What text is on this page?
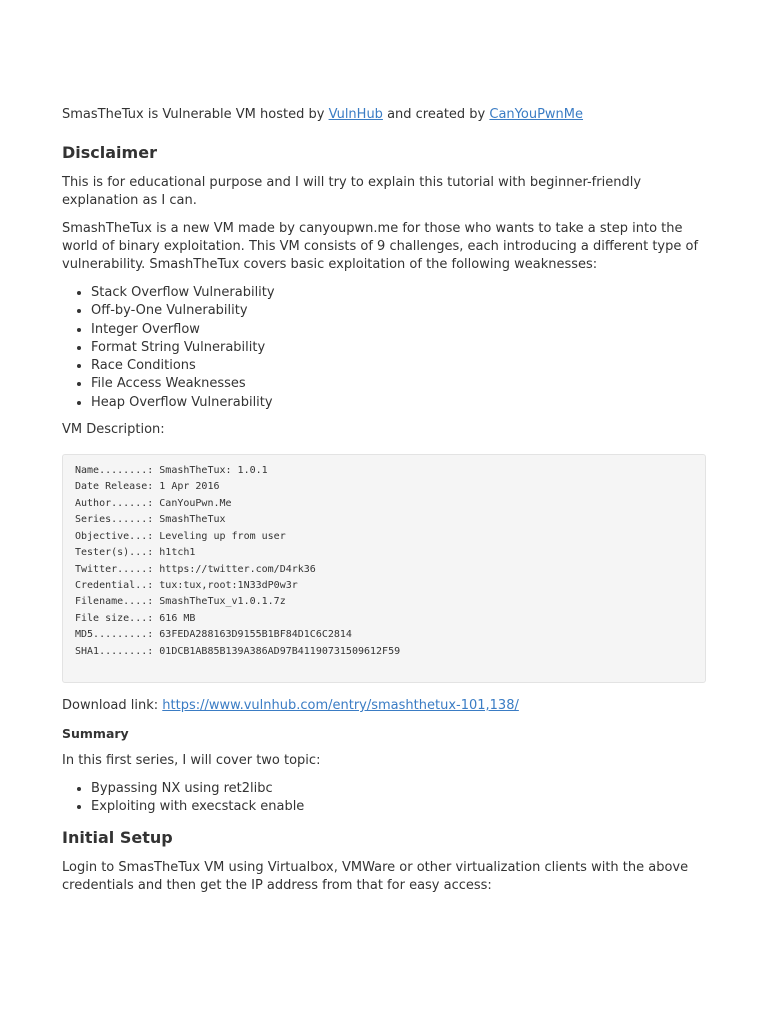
SmasTheTux is Vulnerable VM hosted by VulnHub and created by CanYouPwnMe

Disclaimer

This is for educational purpose and I will try to explain this tutorial with beginner-friendly explanation as I can.

SmashTheTux is a new VM made by canyoupwn.me for those who wants to take a step into the world of binary exploitation. This VM consists of 9 challenges, each introducing a different type of vulnerability. SmashTheTux covers basic exploitation of the following weaknesses:

• Stack Overflow Vulnerability
• Off-by-One Vulnerability
• Integer Overflow
• Format String Vulnerability
• Race Conditions
• File Access Weaknesses
• Heap Overflow Vulnerability

VM Description:

Name........: SmashTheTux: 1.0.1
Date Release: 1 Apr 2016
Author......: CanYouPwn.Me
Series......: SmashTheTux
Objective...: Leveling up from user
Tester(s)...: h1tch1
Twitter.....: https://twitter.com/D4rk36
Credential..: tux:tux,root:1N33dP0w3r
Filename....: SmashTheTux_v1.0.1.7z
File size...: 616 MB
MD5.........: 63FEDA288163D9155B1BF84D1C6C2814
SHA1........: 01DCB1AB85B139A386AD97B41190731509612F59

Download link: https://www.vulnhub.com/entry/smashthetux-101,138/

Summary

In this first series, I will cover two topic:

• Bypassing NX using ret2libc
• Exploiting with execstack enable
Initial Setup

Login to SmasTheTux VM using Virtualbox, VMWare or other virtualization clients with the above credentials and then get the IP address from that for easy access:
